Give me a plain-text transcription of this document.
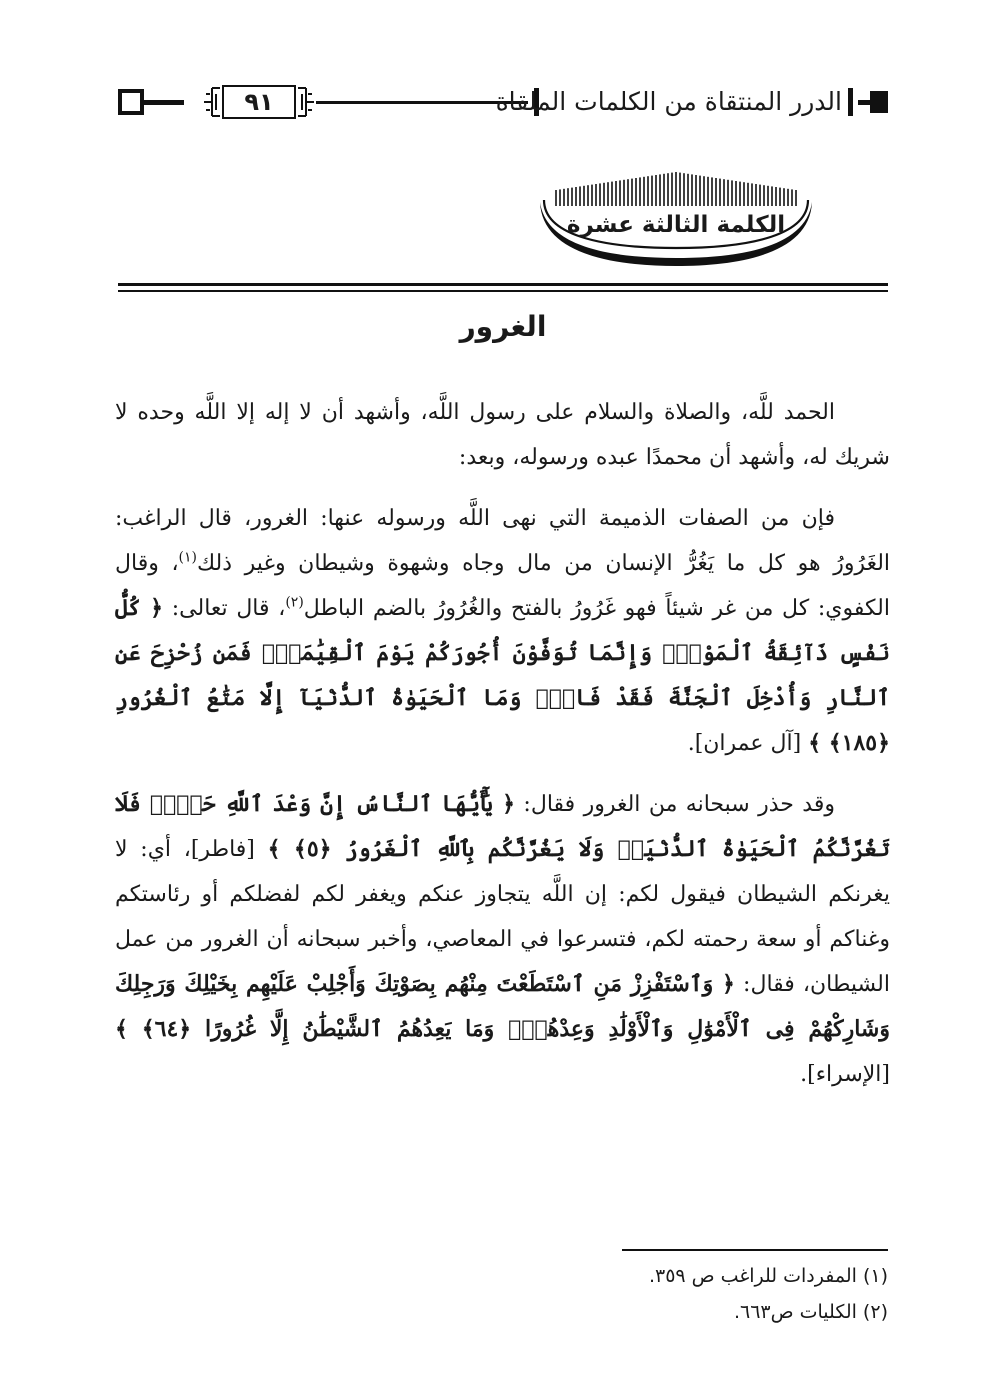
٩١	الدرر المنتقاة من الكلمات الملقاة
الكلمة الثالثة عشرة
الغرور

الحمد للَّه، والصلاة والسلام على رسول اللَّه، وأشهد أن لا إله إلا اللَّه وحده لا شريك له، وأشهد أن محمدًا عبده ورسوله، وبعد:

فإن من الصفات الذميمة التي نهى اللَّه ورسوله عنها: الغرور، قال الراغب: الغَرُورُ هو كل ما يَغُرُّ الإنسان من مال وجاه وشهوة وشيطان وغير ذلك$^{(١)}$، وقال الكفوي: كل من غر شيئاً فهو غَرُورُ بالفتح والغُرُورُ بالضم الباطل$^{(٢)}$، قال تعالى: ﴿ كُلُّ نَفْسٍ ذَآئِقَةُ ٱلْمَوْتِۗ وَإِنَّمَا تُوَفَّوْنَ أُجُورَكُمْ يَوْمَ ٱلْقِيَٰمَةِۖ فَمَن زُحْزِحَ عَنِ ٱلنَّارِ وَأُدْخِلَ ٱلْجَنَّةَ فَقَدْ فَازَۗ وَمَا ٱلْحَيَوٰةُ ٱلدُّنْيَآ إِلَّا مَتَٰعُ ٱلْغُرُورِ ﴿١٨٥﴾ ﴾ [آل عمران].

وقد حذر سبحانه من الغرور فقال: ﴿ يَٰٓأَيُّهَا ٱلنَّاسُ إِنَّ وَعْدَ ٱللَّهِ حَقٌّۖ فَلَا تَغُرَّنَّكُمُ ٱلْحَيَوٰةُ ٱلدُّنْيَاۖ وَلَا يَغُرَّنَّكُم بِٱللَّهِ ٱلْغَرُورُ ﴿٥﴾ ﴾ [فاطر]، أي: لا يغرنكم الشيطان فيقول لكم: إن اللَّه يتجاوز عنكم ويغفر لكم لفضلكم أو رئاستكم وغناكم أو سعة رحمته لكم، فتسرعوا في المعاصي، وأخبر سبحانه أن الغرور من عمل الشيطان، فقال: ﴿ وَٱسْتَفْزِزْ مَنِ ٱسْتَطَعْتَ مِنْهُم بِصَوْتِكَ وَأَجْلِبْ عَلَيْهِم بِخَيْلِكَ وَرَجِلِكَ وَشَارِكْهُمْ فِى ٱلْأَمْوَٰلِ وَٱلْأَوْلَٰدِ وَعِدْهُمْۚ وَمَا يَعِدُهُمُ ٱلشَّيْطَٰنُ إِلَّا غُرُورًا ﴿٦٤﴾ ﴾ [الإسراء].

(١) المفردات للراغب ص ٣٥٩.

(٢) الكليات ص٦٦٣.
